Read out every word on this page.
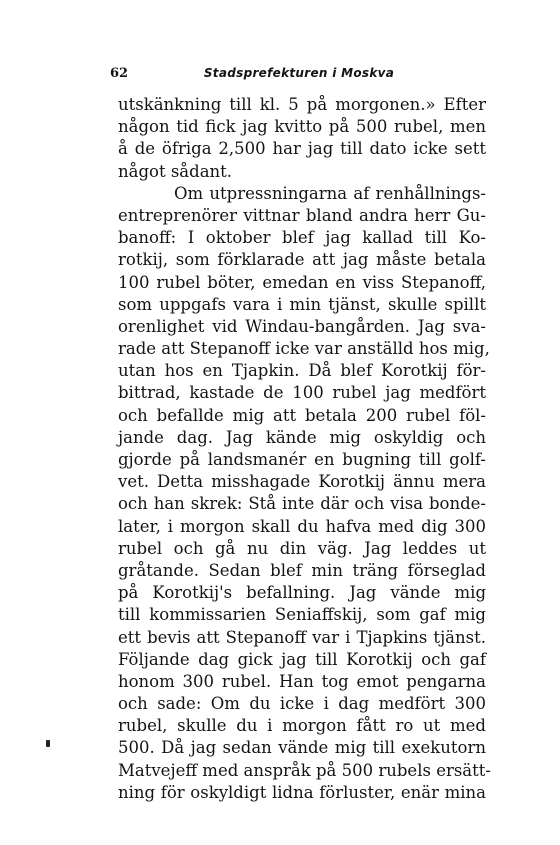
62	Stadsprefekturen i Moskva
utskänkning till kl. 5 på morgonen.» Efter
någon tid fick jag kvitto på 500 rubel, men
å de öfriga 2,500 har jag till dato icke sett
något sådant.
Om utpressningarna af renhållnings-
entreprenörer vittnar bland andra herr Gu-
banoff: I oktober blef jag kallad till Ko-
rotkij, som förklarade att jag måste betala
100 rubel böter, emedan en viss Stepanoff,
som uppgafs vara i min tjänst, skulle spillt
orenlighet vid Windau-bangården. Jag sva-
rade att Stepanoff icke var anställd hos mig,
utan hos en Tjapkin. Då blef Korotkij för-
bittrad, kastade de 100 rubel jag medfört
och befallde mig att betala 200 rubel föl-
jande dag. Jag kände mig oskyldig och
gjorde på landsmanér en bugning till golf-
vet. Detta misshagade Korotkij ännu mera
och han skrek: Stå inte där och visa bonde-
later, i morgon skall du hafva med dig 300
rubel och gå nu din väg. Jag leddes ut
gråtande. Sedan blef min träng förseglad
på Korotkij's befallning. Jag vände mig
till kommissarien Seniaffskij, som gaf mig
ett bevis att Stepanoff var i Tjapkins tjänst.
Följande dag gick jag till Korotkij och gaf
honom 300 rubel. Han tog emot pengarna
och sade: Om du icke i dag medfört 300
rubel, skulle du i morgon fått ro ut med
500. Då jag sedan vände mig till exekutorn
Matvejeff med anspråk på 500 rubels ersätt-
ning för oskyldigt lidna förluster, enär mina
